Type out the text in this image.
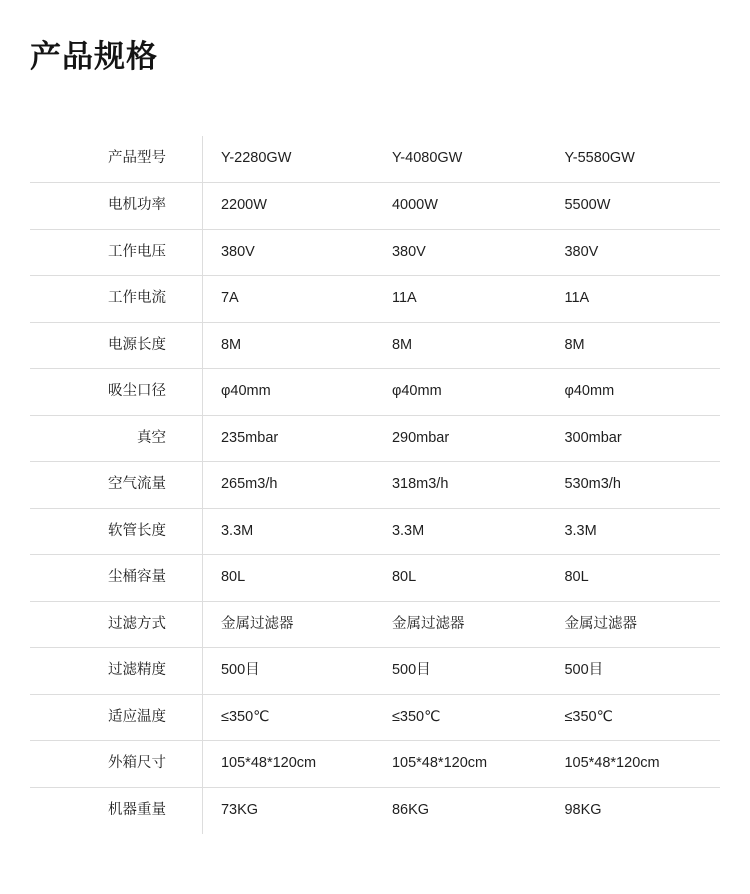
产品规格
产品型号	Y-2280GW	Y-4080GW	Y-5580GW
电机功率	2200W	4000W	5500W
工作电压	380V	380V	380V
工作电流	7A	11A	11A
电源长度	8M	8M	8M
吸尘口径	φ40mm	φ40mm	φ40mm
真空	235mbar	290mbar	300mbar
空气流量	265m3/h	318m3/h	530m3/h
软管长度	3.3M	3.3M	3.3M
尘桶容量	80L	80L	80L
过滤方式	金属过滤器	金属过滤器	金属过滤器
过滤精度	500目	500目	500目
适应温度	≤350℃	≤350℃	≤350℃
外箱尺寸	105*48*120cm	105*48*120cm	105*48*120cm
机器重量	73KG	86KG	98KG
